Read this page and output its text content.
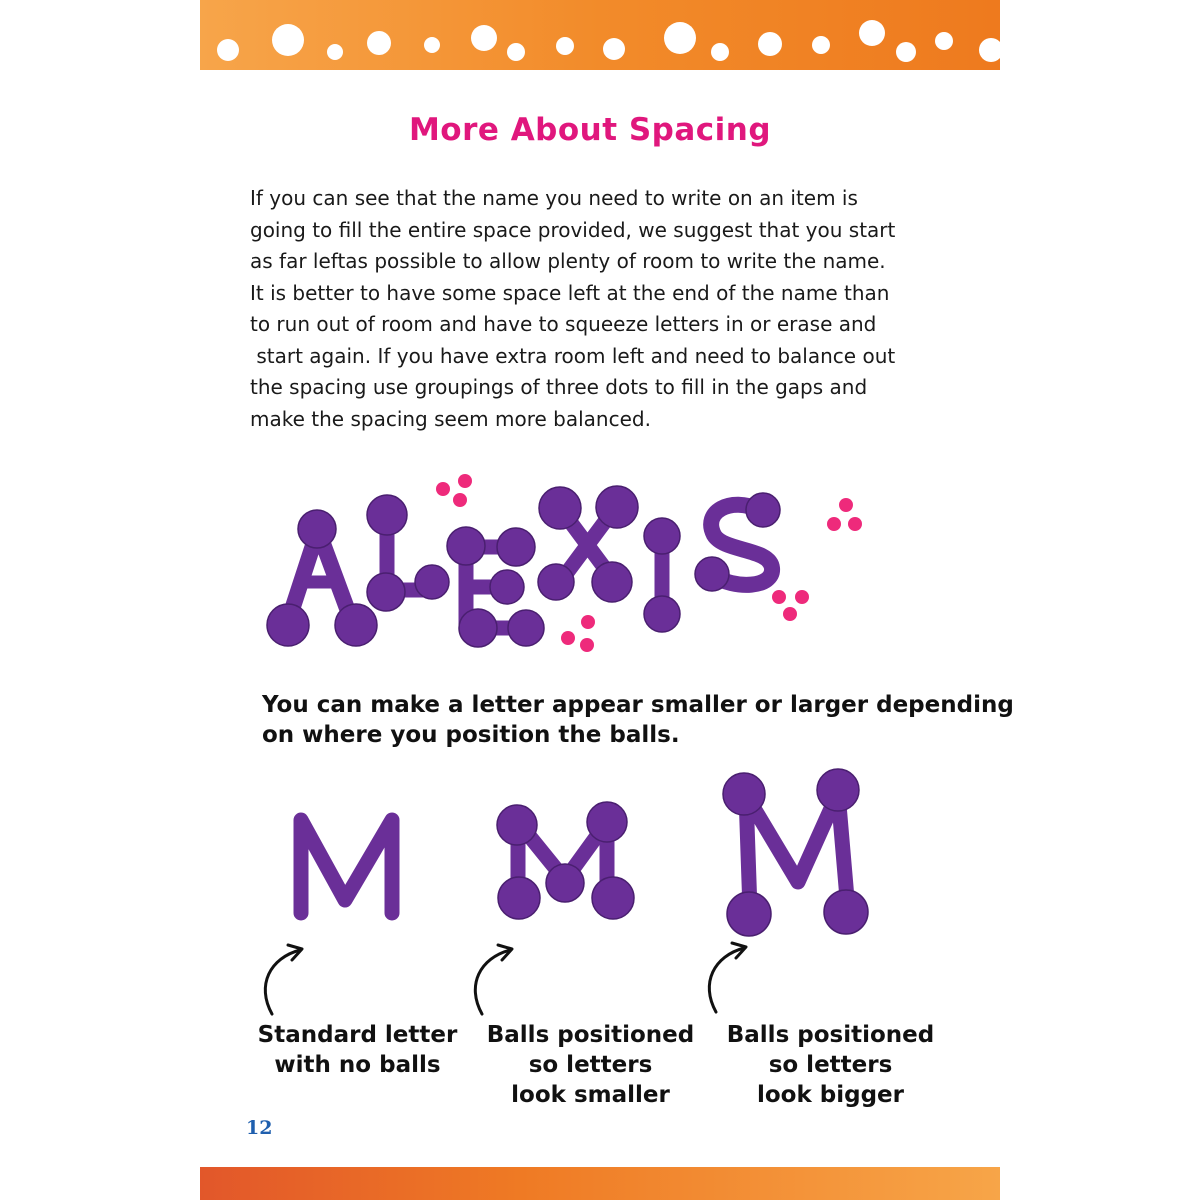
More About Spacing
If you can see that the name you need to write on an item is
going to fill the entire space provided, we suggest that you start
as far leftas possible to allow plenty of room to write the name.
It is better to have some space left at the end of the name than
to run out of room and have to squeeze letters in or erase and
start again. If you have extra room left and need to balance out
the spacing use groupings of three dots to fill in the gaps and
make the spacing seem more balanced.
You can make a letter appear smaller or larger depending
on where you position the balls.
Standard letter
with no balls
Balls positioned
so letters
look smaller
Balls positioned
so letters
look bigger
12
